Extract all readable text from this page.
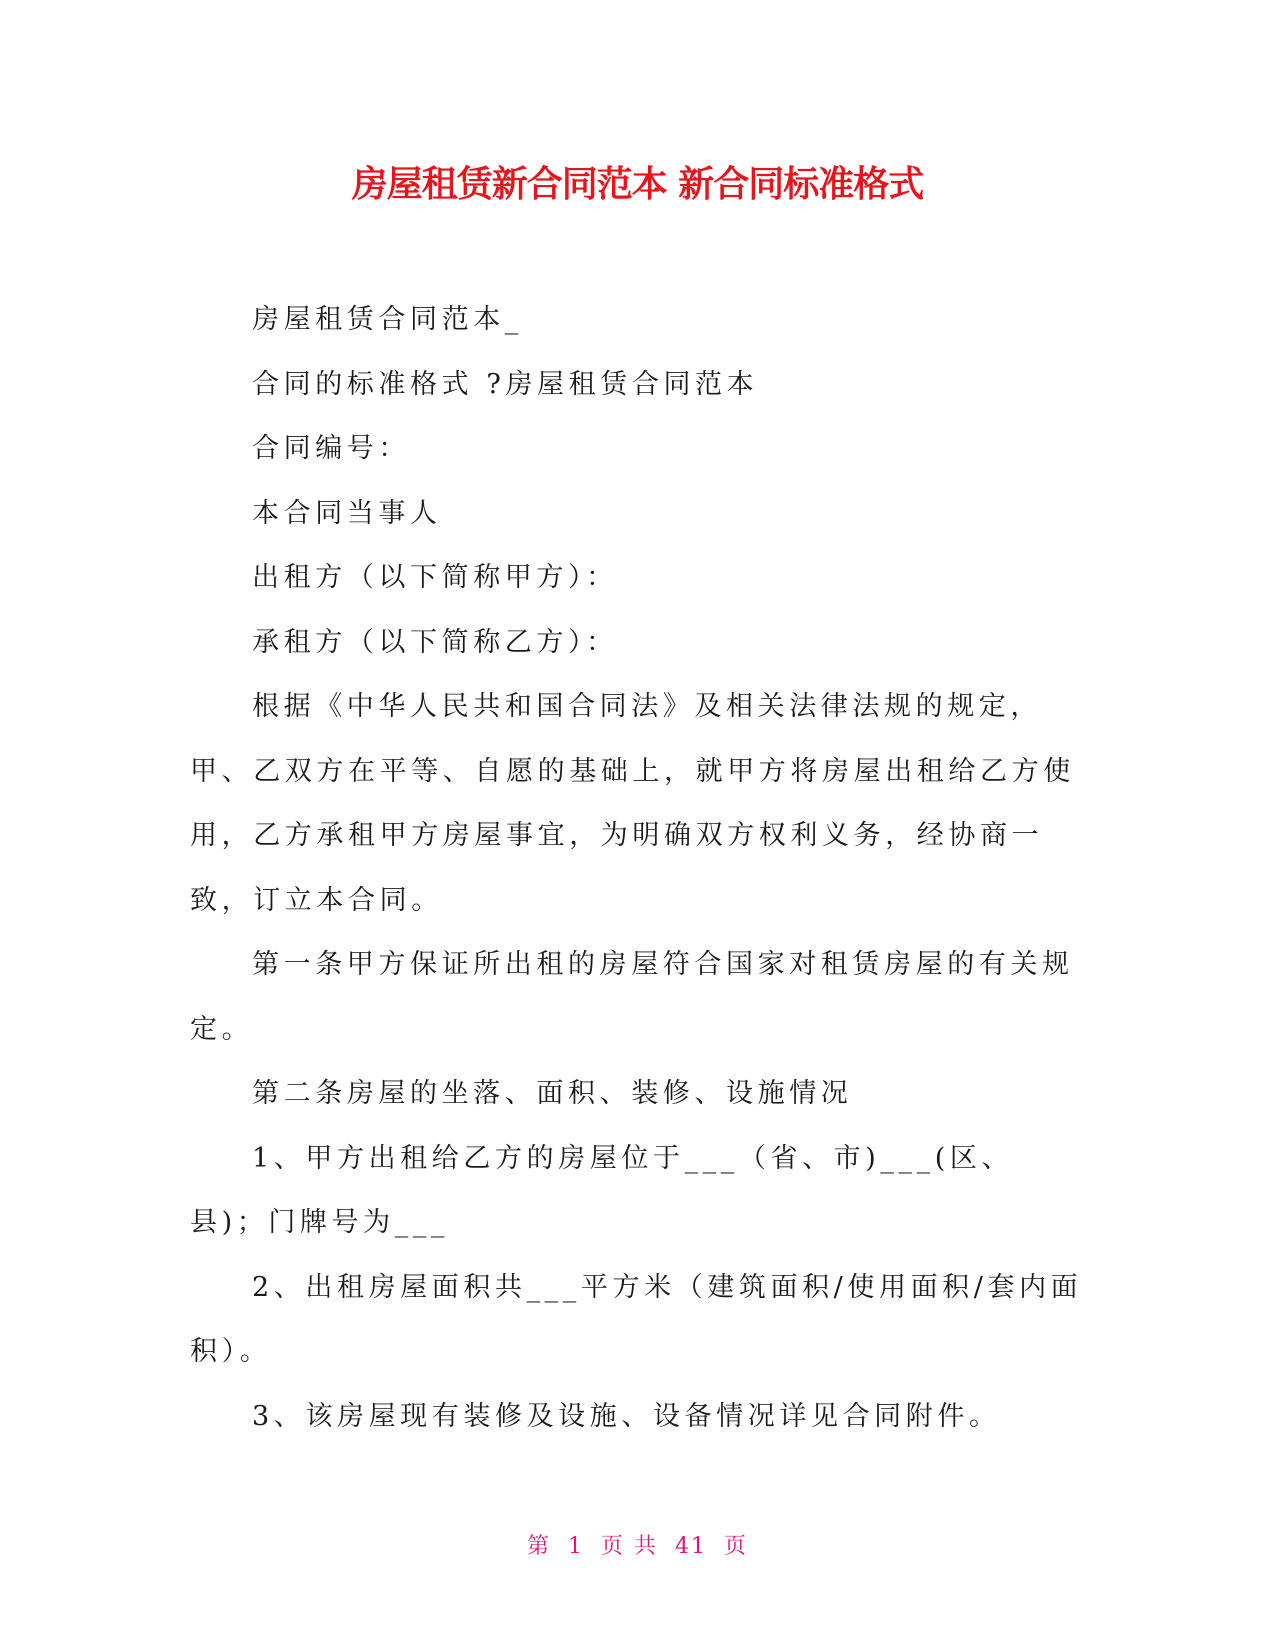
房屋租赁新合同范本 新合同标准格式

房屋租赁合同范本_

合同的标准格式 ?房屋租赁合同范本

合同编号：

本合同当事人

出租方（以下简称甲方）：

承租方（以下简称乙方）：

根据《中华人民共和国合同法》及相关法律法规的规定，甲、乙双方在平等、自愿的基础上，就甲方将房屋出租给乙方使用，乙方承租甲方房屋事宜，为明确双方权利义务，经协商一致，订立本合同。

第一条甲方保证所出租的房屋符合国家对租赁房屋的有关规定。

第二条房屋的坐落、面积、装修、设施情况

1、甲方出租给乙方的房屋位于___（省、市)___(区、县)；门牌号为___

2、出租房屋面积共___平方米（建筑面积/使用面积/套内面积）。

3、该房屋现有装修及设施、设备情况详见合同附件。

第 1 页 共 41 页
